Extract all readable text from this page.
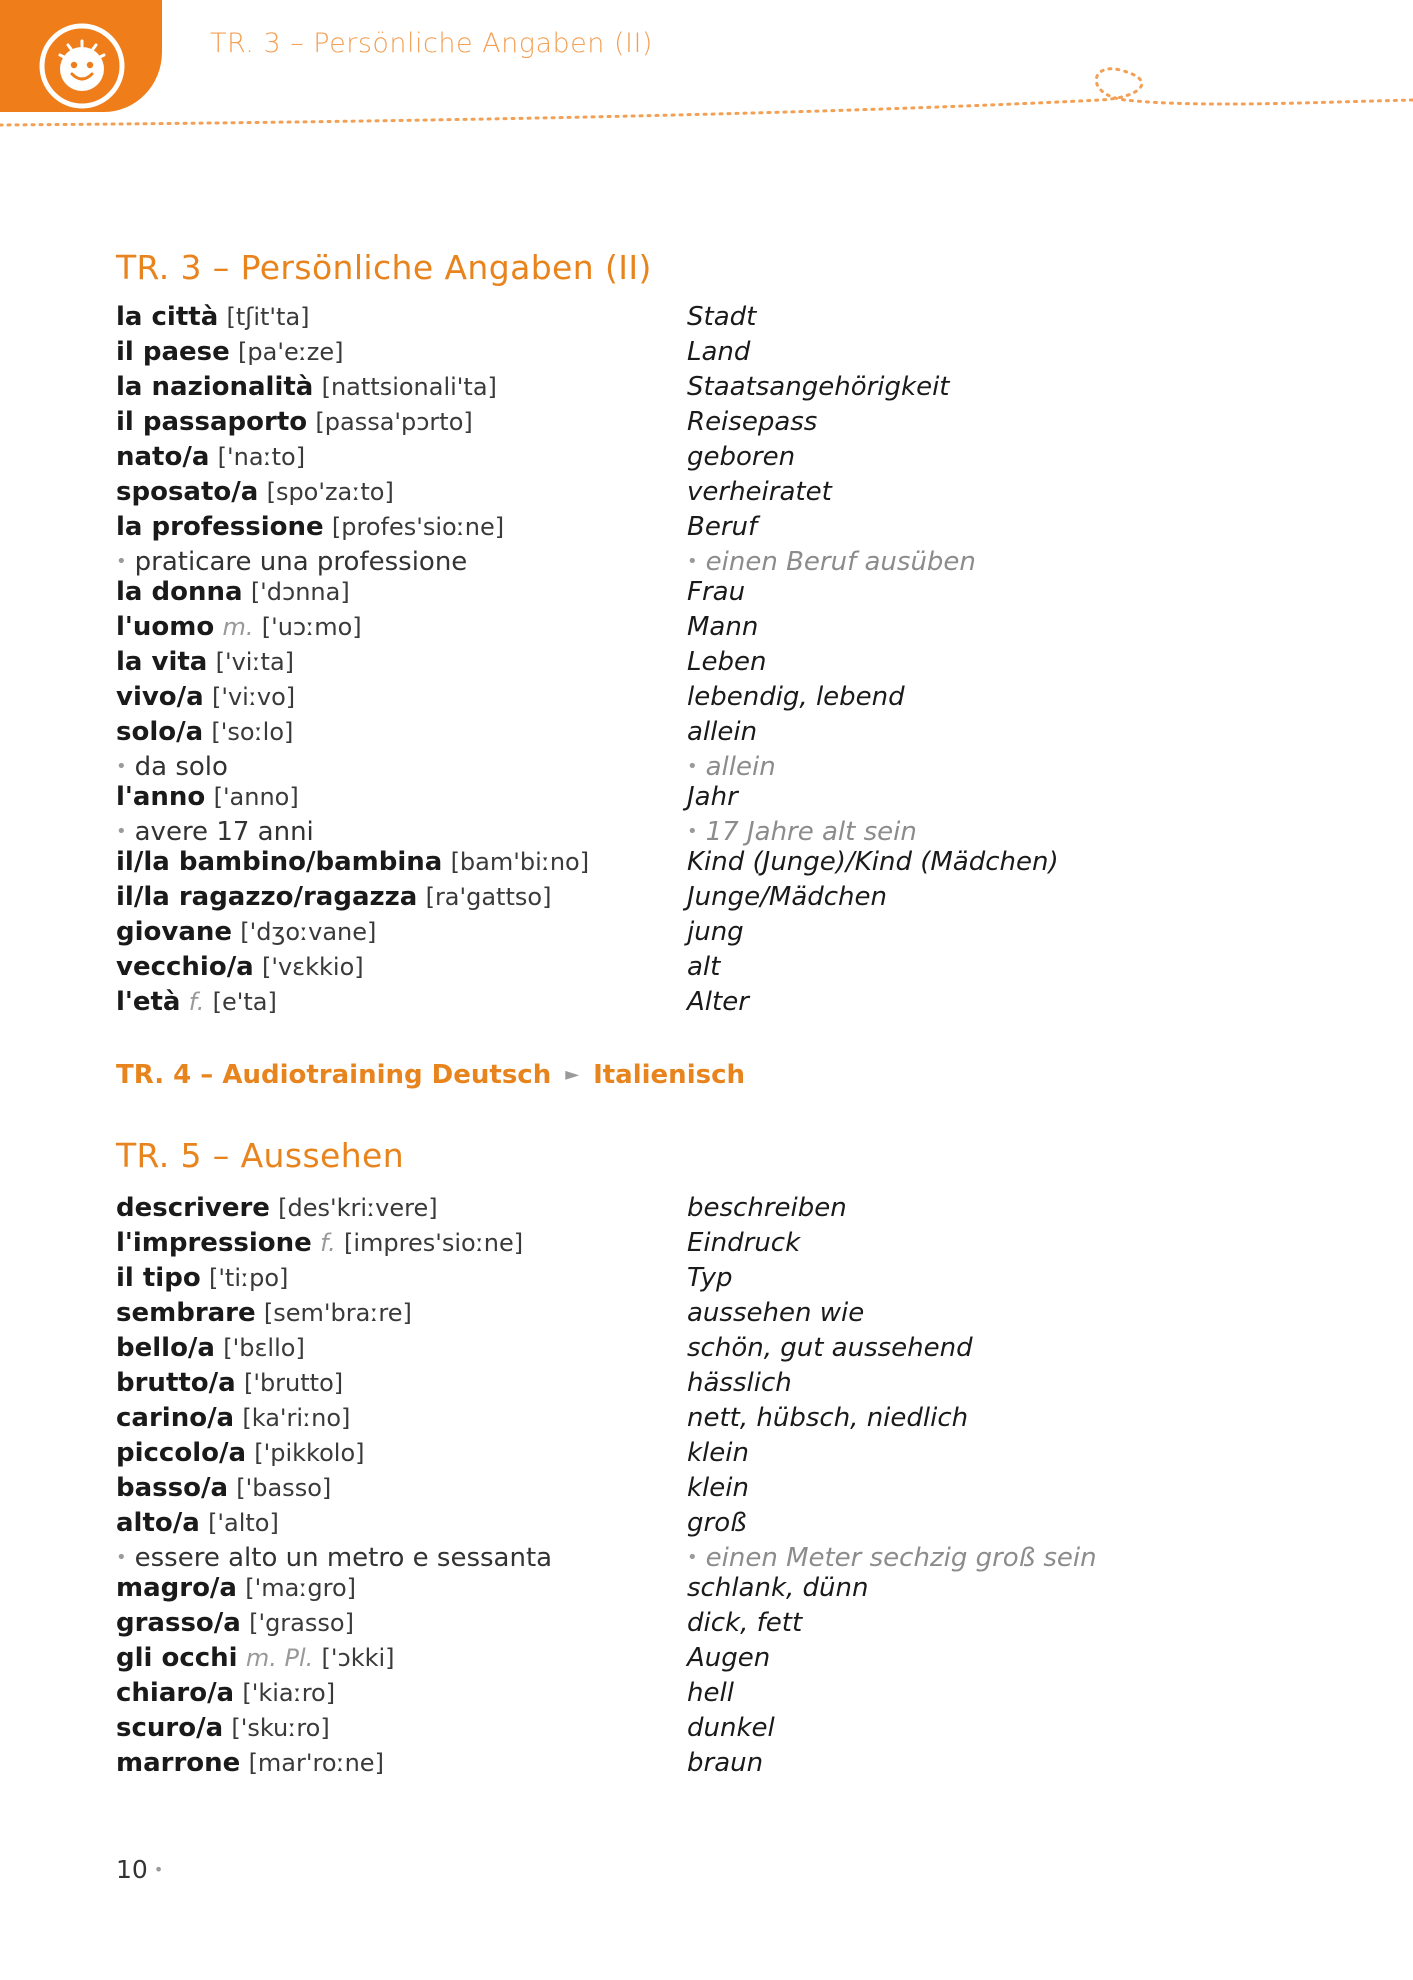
TR. 3 – Persönliche Angaben (II)
TR. 3 – Persönliche Angaben (II)
la città [tʃit'ta]	Stadt
il paese [pa'eːze]	Land
la nazionalità [nattsionali'ta]	Staatsangehörigkeit
il passaporto [passa'pɔrto]	Reisepass
nato/a ['naːto]	geboren
sposato/a [spo'zaːto]	verheiratet
la professione [profes'sioːne]	Beruf
• praticare una professione	• einen Beruf ausüben
la donna ['dɔnna]	Frau
l'uomo m. ['uɔːmo]	Mann
la vita ['viːta]	Leben
vivo/a ['viːvo]	lebendig, lebend
solo/a ['soːlo]	allein
• da solo	• allein
l'anno ['anno]	Jahr
• avere 17 anni	• 17 Jahre alt sein
il/la bambino/bambina [bam'biːno]	Kind (Junge)/Kind (Mädchen)
il/la ragazzo/ragazza [ra'gattso]	Junge/Mädchen
giovane ['dʒoːvane]	jung
vecchio/a ['vɛkkio]	alt
l'età f. [e'ta]	Alter
TR. 4 – Audiotraining Deutsch ► Italienisch
TR. 5 – Aussehen
descrivere [des'kriːvere]	beschreiben
l'impressione f. [impres'sioːne]	Eindruck
il tipo ['tiːpo]	Typ
sembrare [sem'braːre]	aussehen wie
bello/a ['bɛllo]	schön, gut aussehend
brutto/a ['brutto]	hässlich
carino/a [ka'riːno]	nett, hübsch, niedlich
piccolo/a ['pikkolo]	klein
basso/a ['basso]	klein
alto/a ['alto]	groß
• essere alto un metro e sessanta	• einen Meter sechzig groß sein
magro/a ['maːgro]	schlank, dünn
grasso/a ['grasso]	dick, fett
gli occhi m. Pl. ['ɔkki]	Augen
chiaro/a ['kiaːro]	hell
scuro/a ['skuːro]	dunkel
marrone [mar'roːne]	braun
10 •
